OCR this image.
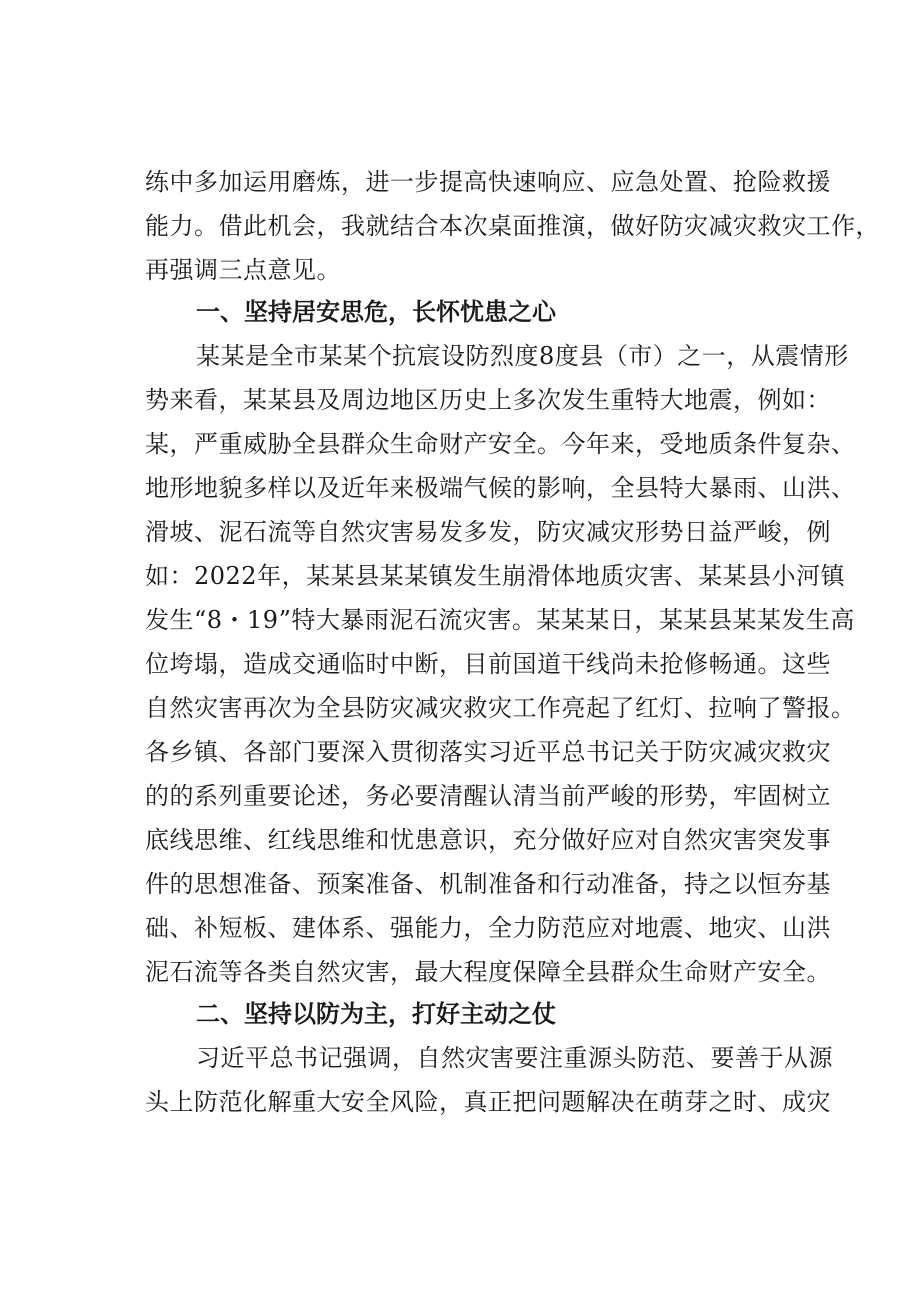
练中多加运用磨炼，进一步提高快速响应、应急处置、抢险救援
能力。借此机会，我就结合本次桌面推演，做好防灾减灾救灾工作，
再强调三点意见。
一、坚持居安思危，长怀忧患之心
某某是全市某某个抗宸设防烈度8度县（市）之一，从震情形
势来看，某某县及周边地区历史上多次发生重特大地震，例如：
某，严重威胁全县群众生命财产安全。今年来，受地质条件复杂、
地形地貌多样以及近年来极端气候的影响，全县特大暴雨、山洪、
滑坡、泥石流等自然灾害易发多发，防灾减灾形势日益严峻，例
如：2022年，某某县某某镇发生崩滑体地质灾害、某某县小河镇
发生“8・19”特大暴雨泥石流灾害。某某某日，某某县某某发生高
位垮塌，造成交通临时中断，目前国道干线尚未抢修畅通。这些
自然灾害再次为全县防灾减灾救灾工作亮起了红灯、拉响了警报。
各乡镇、各部门要深入贯彻落实习近平总书记关于防灾减灾救灾
的的系列重要论述，务必要清醒认清当前严峻的形势，牢固树立
底线思维、红线思维和忧患意识，充分做好应对自然灾害突发事
件的思想准备、预案准备、机制准备和行动准备，持之以恒夯基
础、补短板、建体系、强能力，全力防范应对地震、地灾、山洪
泥石流等各类自然灾害，最大程度保障全县群众生命财产安全。
二、坚持以防为主，打好主动之仗
习近平总书记强调，自然灾害要注重源头防范、要善于从源
头上防范化解重大安全风险，真正把问题解决在萌芽之时、成灾
